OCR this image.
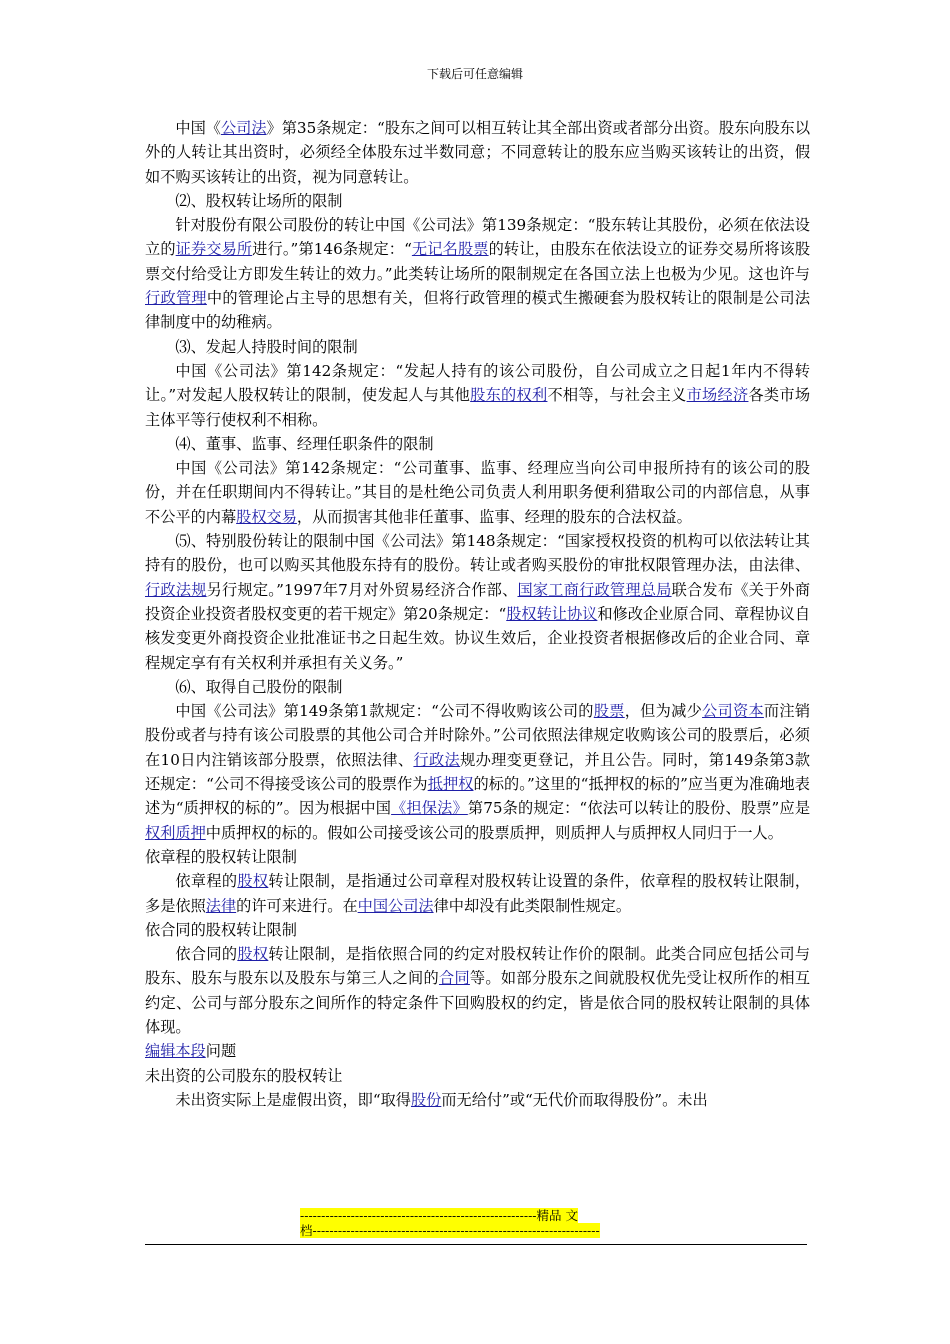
下载后可任意编辑

中国《公司法》第35条规定：“股东之间可以相互转让其全部出资或者部分出资。股东向股东以外的人转让其出资时，必须经全体股东过半数同意；不同意转让的股东应当购买该转让的出资，假如不购买该转让的出资，视为同意转让。

⑵、股权转让场所的限制

针对股份有限公司股份的转让中国《公司法》第139条规定：“股东转让其股份，必须在依法设立的证券交易所进行。”第146条规定：“无记名股票的转让，由股东在依法设立的证券交易所将该股票交付给受让方即发生转让的效力。”此类转让场所的限制规定在各国立法上也极为少见。这也许与行政管理中的管理论占主导的思想有关，但将行政管理的模式生搬硬套为股权转让的限制是公司法律制度中的幼稚病。

⑶、发起人持股时间的限制

中国《公司法》第142条规定：“发起人持有的该公司股份，自公司成立之日起1年内不得转让。”对发起人股权转让的限制，使发起人与其他股东的权利不相等，与社会主义市场经济各类市场主体平等行使权利不相称。

⑷、董事、监事、经理任职条件的限制

中国《公司法》第142条规定：“公司董事、监事、经理应当向公司申报所持有的该公司的股份，并在任职期间内不得转让。”其目的是杜绝公司负责人利用职务便利猎取公司的内部信息，从事不公平的内幕股权交易，从而损害其他非任董事、监事、经理的股东的合法权益。

⑸、特别股份转让的限制中国《公司法》第148条规定：“国家授权投资的机构可以依法转让其持有的股份，也可以购买其他股东持有的股份。转让或者购买股份的审批权限管理办法，由法律、行政法规另行规定。”1997年7月对外贸易经济合作部、国家工商行政管理总局联合发布《关于外商投资企业投资者股权变更的若干规定》第20条规定：“股权转让协议和修改企业原合同、章程协议自核发变更外商投资企业批准证书之日起生效。协议生效后，企业投资者根据修改后的企业合同、章程规定享有有关权利并承担有关义务。”

⑹、取得自己股份的限制

中国《公司法》第149条第1款规定：“公司不得收购该公司的股票，但为减少公司资本而注销股份或者与持有该公司股票的其他公司合并时除外。”公司依照法律规定收购该公司的股票后，必须在10日内注销该部分股票，依照法律、行政法规办理变更登记，并且公告。同时，第149条第3款还规定：“公司不得接受该公司的股票作为抵押权的标的。”这里的“抵押权的标的”应当更为准确地表述为“质押权的标的”。因为根据中国《担保法》第75条的规定：“依法可以转让的股份、股票”应是权利质押中质押权的标的。假如公司接受该公司的股票质押，则质押人与质押权人同归于一人。

依章程的股权转让限制

依章程的股权转让限制，是指通过公司章程对股权转让设置的条件，依章程的股权转让限制，多是依照法律的许可来进行。在中国公司法律中却没有此类限制性规定。

依合同的股权转让限制

依合同的股权转让限制，是指依照合同的约定对股权转让作价的限制。此类合同应包括公司与股东、股东与股东以及股东与第三人之间的合同等。如部分股东之间就股权优先受让权所作的相互约定、公司与部分股东之间所作的特定条件下回购股权的约定，皆是依合同的股权转让限制的具体体现。

编辑本段问题

未出资的公司股东的股权转让

未出资实际上是虚假出资，即“取得股份而无给付”或“无代价而取得股份”。未出

--------------------------------------------------------精品 文
档--------------------------------------------------------------------
